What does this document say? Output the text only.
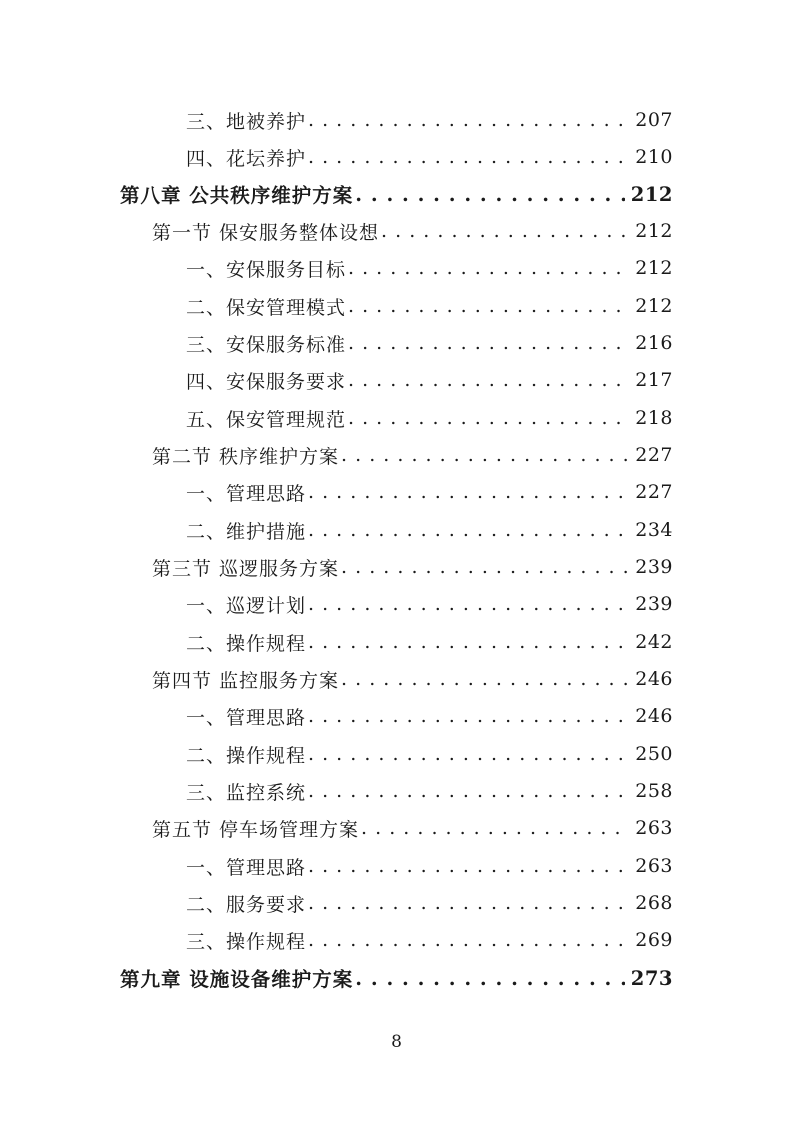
三、地被养护 . . .	207
四、花坛养护 . . .	210
第八章 公共秩序维护方案 . . .	212
第一节 保安服务整体设想 . . .	212
一、安保服务目标 . . .	212
二、保安管理模式 . . .	212
三、安保服务标准 . . .	216
四、安保服务要求 . . .	217
五、保安管理规范 . . .	218
第二节 秩序维护方案 . . .	227
一、管理思路 . . .	227
二、维护措施 . . .	234
第三节 巡逻服务方案 . . .	239
一、巡逻计划 . . .	239
二、操作规程 . . .	242
第四节 监控服务方案 . . .	246
一、管理思路 . . .	246
二、操作规程 . . .	250
三、监控系统 . . .	258
第五节 停车场管理方案 . . .	263
一、管理思路 . . .	263
二、服务要求 . . .	268
三、操作规程 . . .	269
第九章 设施设备维护方案 . . .	273
8
